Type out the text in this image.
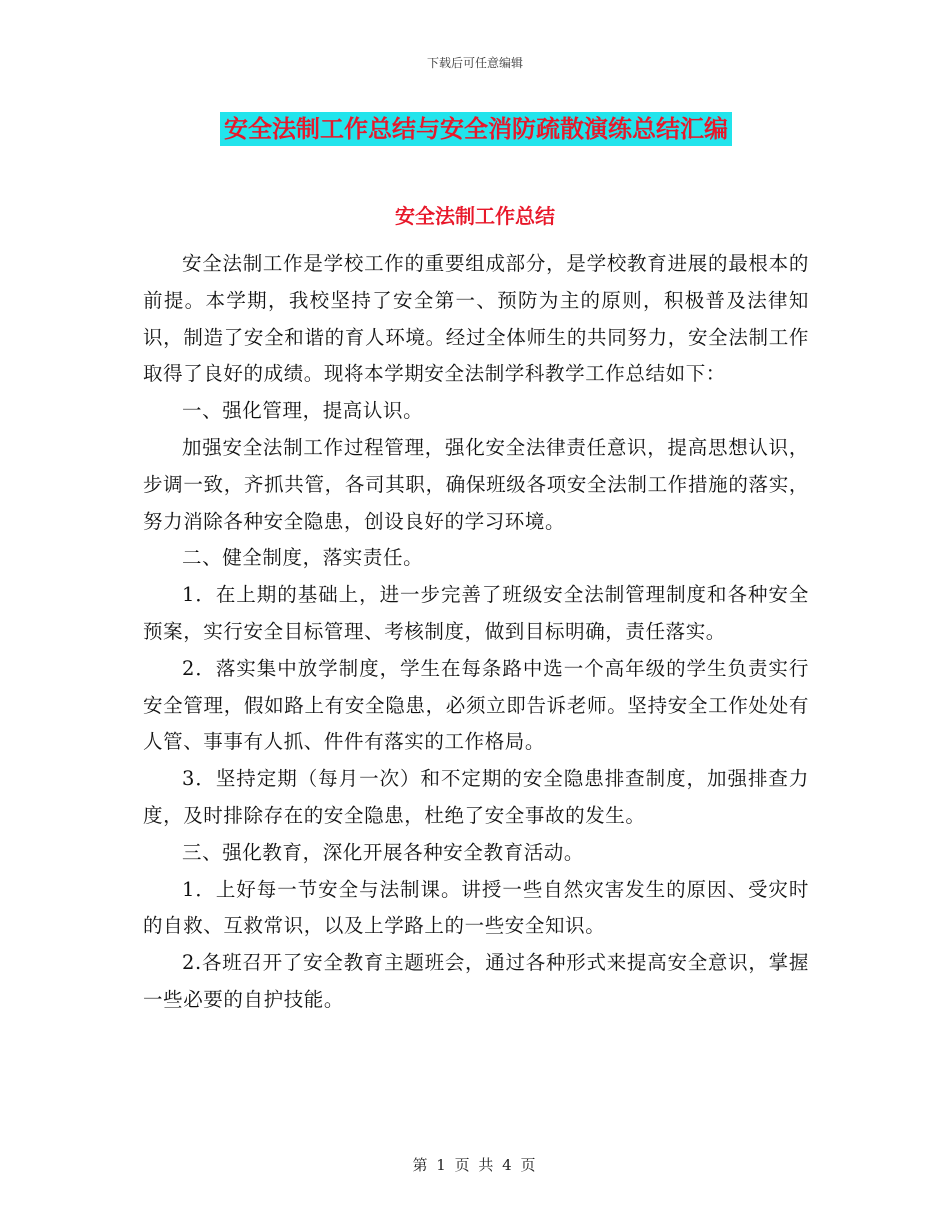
下载后可任意编辑
安全法制工作总结与安全消防疏散演练总结汇编
安全法制工作总结

安全法制工作是学校工作的重要组成部分，是学校教育进展的最根本的前提。本学期，我校坚持了安全第一、预防为主的原则，积极普及法律知识，制造了安全和谐的育人环境。经过全体师生的共同努力，安全法制工作取得了良好的成绩。现将本学期安全法制学科教学工作总结如下：

一、强化管理，提高认识。

加强安全法制工作过程管理，强化安全法律责任意识，提高思想认识，步调一致，齐抓共管，各司其职，确保班级各项安全法制工作措施的落实，努力消除各种安全隐患，创设良好的学习环境。

二、健全制度，落实责任。

1．在上期的基础上，进一步完善了班级安全法制管理制度和各种安全预案，实行安全目标管理、考核制度，做到目标明确，责任落实。

2．落实集中放学制度，学生在每条路中选一个高年级的学生负责实行安全管理，假如路上有安全隐患，必须立即告诉老师。坚持安全工作处处有人管、事事有人抓、件件有落实的工作格局。

3．坚持定期（每月一次）和不定期的安全隐患排查制度，加强排查力度，及时排除存在的安全隐患，杜绝了安全事故的发生。

三、强化教育，深化开展各种安全教育活动。

1．上好每一节安全与法制课。讲授一些自然灾害发生的原因、受灾时的自救、互救常识，以及上学路上的一些安全知识。

2.各班召开了安全教育主题班会，通过各种形式来提高安全意识，掌握一些必要的自护技能。

第 1 页 共 4 页
